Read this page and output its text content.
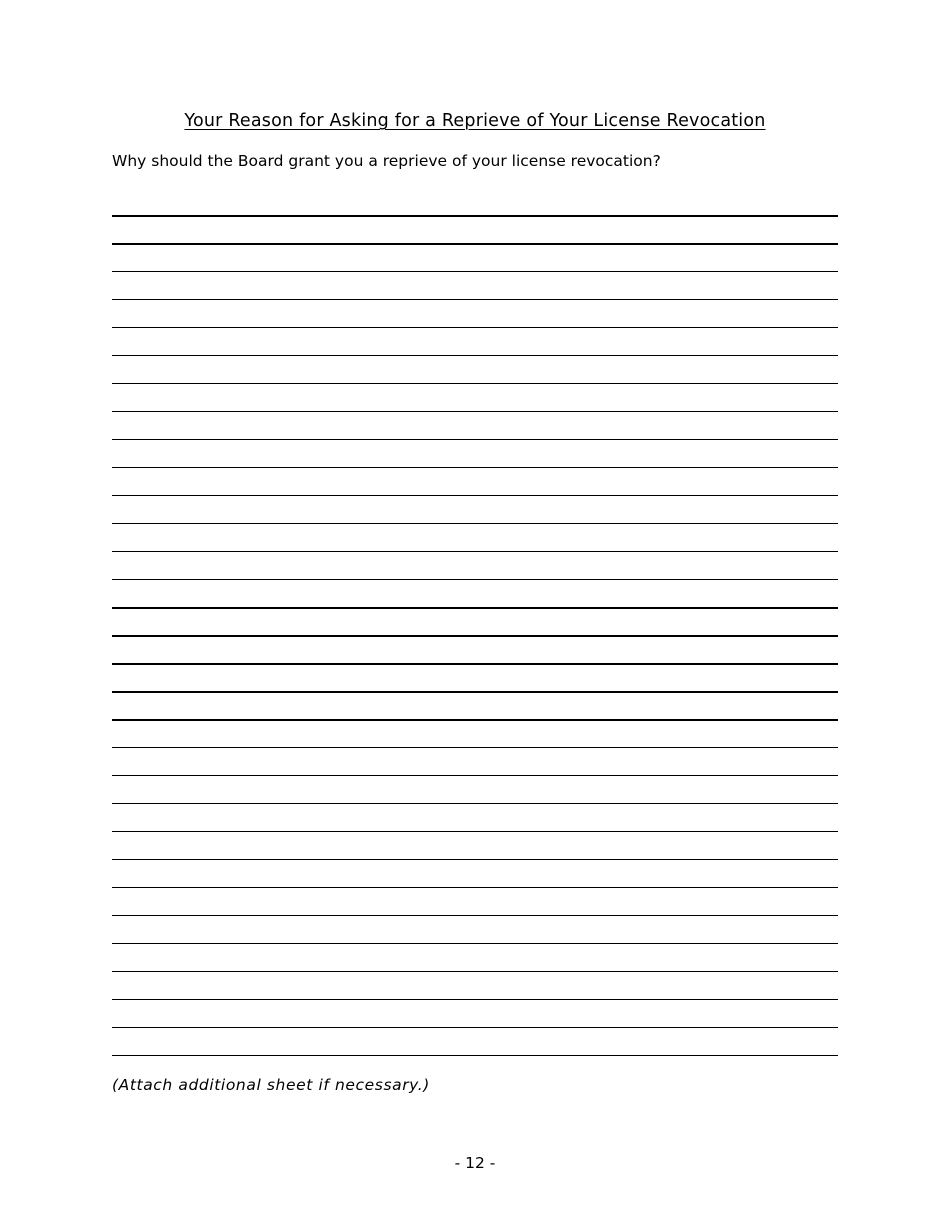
Your Reason for Asking for a Reprieve of Your License Revocation
Why should the Board grant you a reprieve of your license revocation?
(Attach additional sheet if necessary.)
- 12 -
